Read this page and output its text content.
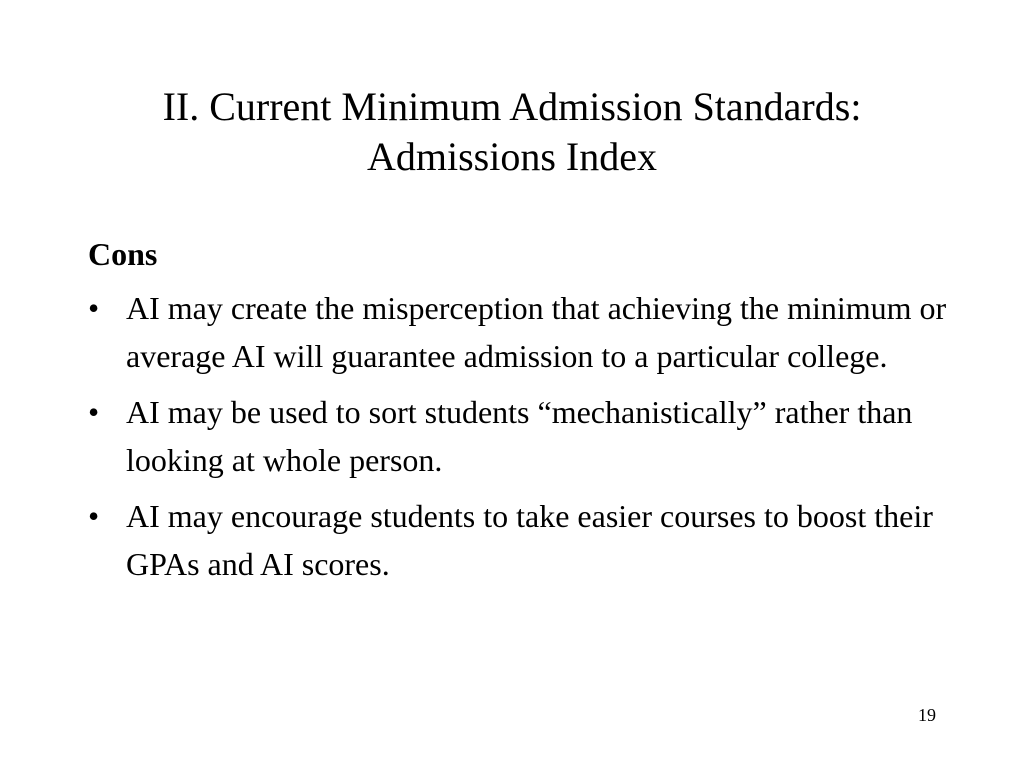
II. Current Minimum Admission Standards:
Admissions Index
Cons
• AI may create the misperception that achieving the minimum or average AI will guarantee admission to a particular college.
• AI may be used to sort students “mechanistically” rather than looking at whole person.
• AI may encourage students to take easier courses to boost their GPAs and AI scores.
19
